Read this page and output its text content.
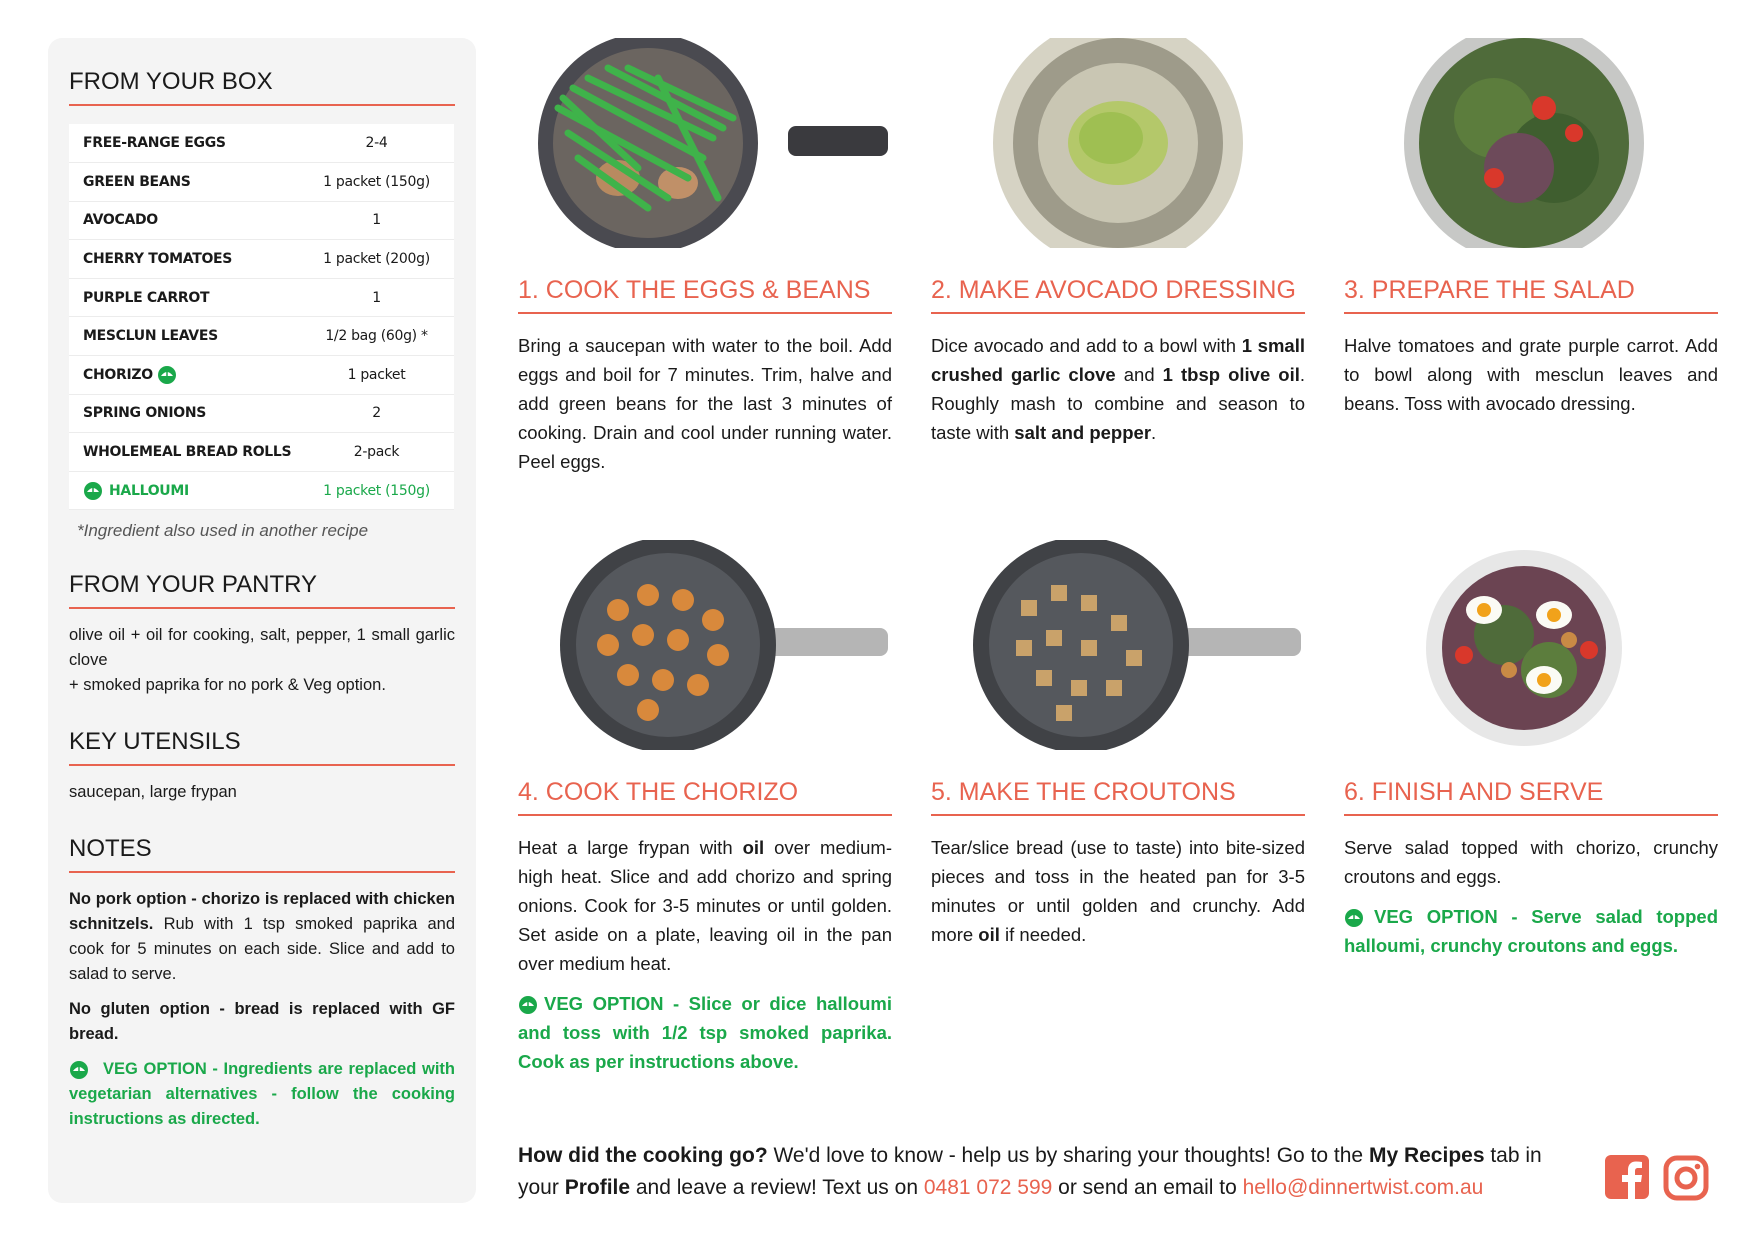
FROM YOUR BOX
FREE-RANGE EGGS	2-4
GREEN BEANS	1 packet (150g)
AVOCADO	1
CHERRY TOMATOES	1 packet (200g)
PURPLE CARROT	1
MESCLUN LEAVES	1/2 bag (60g) *
CHORIZO	1 packet
SPRING ONIONS	2
WHOLEMEAL BREAD ROLLS	2-pack
HALLOUMI	1 packet (150g)
*Ingredient also used in another recipe
FROM YOUR PANTRY

olive oil + oil for cooking, salt, pepper, 1 small garlic clove
+ smoked paprika for no pork & Veg option.

KEY UTENSILS

saucepan, large frypan

NOTES

No pork option - chorizo is replaced with chicken schnitzels. Rub with 1 tsp smoked paprika and cook for 5 minutes on each side. Slice and add to salad to serve.

No gluten option - bread is replaced with GF bread.

VEG OPTION - Ingredients are replaced with vegetarian alternatives - follow the cooking instructions as directed.

1. COOK THE EGGS & BEANS
Bring a saucepan with water to the boil. Add eggs and boil for 7 minutes. Trim, halve and add green beans for the last 3 minutes of cooking. Drain and cool under running water. Peel eggs.
2. MAKE AVOCADO DRESSING
Dice avocado and add to a bowl with 1 small crushed garlic clove and 1 tbsp olive oil. Roughly mash to combine and season to taste with salt and pepper.
3. PREPARE THE SALAD
Halve tomatoes and grate purple carrot. Add to bowl along with mesclun leaves and beans. Toss with avocado dressing.
4. COOK THE CHORIZO
Heat a large frypan with oil over medium-high heat. Slice and add chorizo and spring onions. Cook for 3-5 minutes or until golden. Set aside on a plate, leaving oil in the pan over medium heat.
VEG OPTION - Slice or dice halloumi and toss with 1/2 tsp smoked paprika. Cook as per instructions above.
5. MAKE THE CROUTONS
Tear/slice bread (use to taste) into bite-sized pieces and toss in the heated pan for 3-5 minutes or until golden and crunchy. Add more oil if needed.
6. FINISH AND SERVE
Serve salad topped with chorizo, crunchy croutons and eggs.
VEG OPTION - Serve salad topped halloumi, crunchy croutons and eggs.
How did the cooking go? We'd love to know - help us by sharing your thoughts! Go to the My Recipes tab in your Profile and leave a review! Text us on 0481 072 599 or send an email to hello@dinnertwist.com.au
